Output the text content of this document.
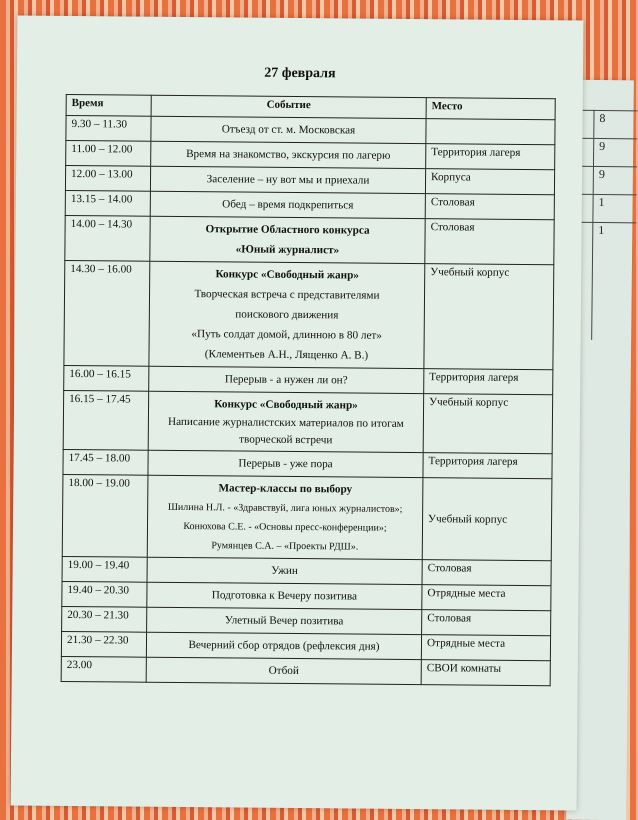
8
9
9
1
1
27 февраля
Время	Событие	Место
9.30 – 11.30	Отъезд от ст. м. Московская	

11.00 – 12.00	Время на знакомство, экскурсия по лагерю	Территория лагеря
12.00 – 13.00	Заселение – ну вот мы и приехали	Корпуса
13.15 – 14.00	Обед – время подкрепиться	Столовая
14.00 – 14.30	Открытие Областного конкурса
«Юный журналист»	Столовая
14.30 – 16.00	Конкурс «Свободный жанр»
Творческая встреча с представителями
поискового движения
«Путь солдат домой, длинною в 80 лет»
(Клементьев А.Н., Лященко А. В.)	Учебный корпус
16.00 – 16.15	Перерыв - а нужен ли он?	Территория лагеря
16.15 – 17.45	Конкурс «Свободный жанр»
Написание журналистских материалов по итогам
творческой встречи	Учебный корпус
17.45 – 18.00	Перерыв - уже пора	Территория лагеря
18.00 – 19.00	Мастер-классы по выбору
Шилина Н.Л. - «Здравствуй, лига юных журналистов»;
Конюхова С.Е. - «Основы пресс-конференции»;
Румянцев С.А. – «Проекты РДШ».	Учебный корпус
19.00 – 19.40	Ужин	Столовая
19.40 – 20.30	Подготовка к Вечеру позитива	Отрядные места
20.30 – 21.30	Улетный Вечер позитива	Столовая
21.30 – 22.30	Вечерний сбор отрядов (рефлексия дня)	Отрядные места
23.00	Отбой	СВОИ комнаты
